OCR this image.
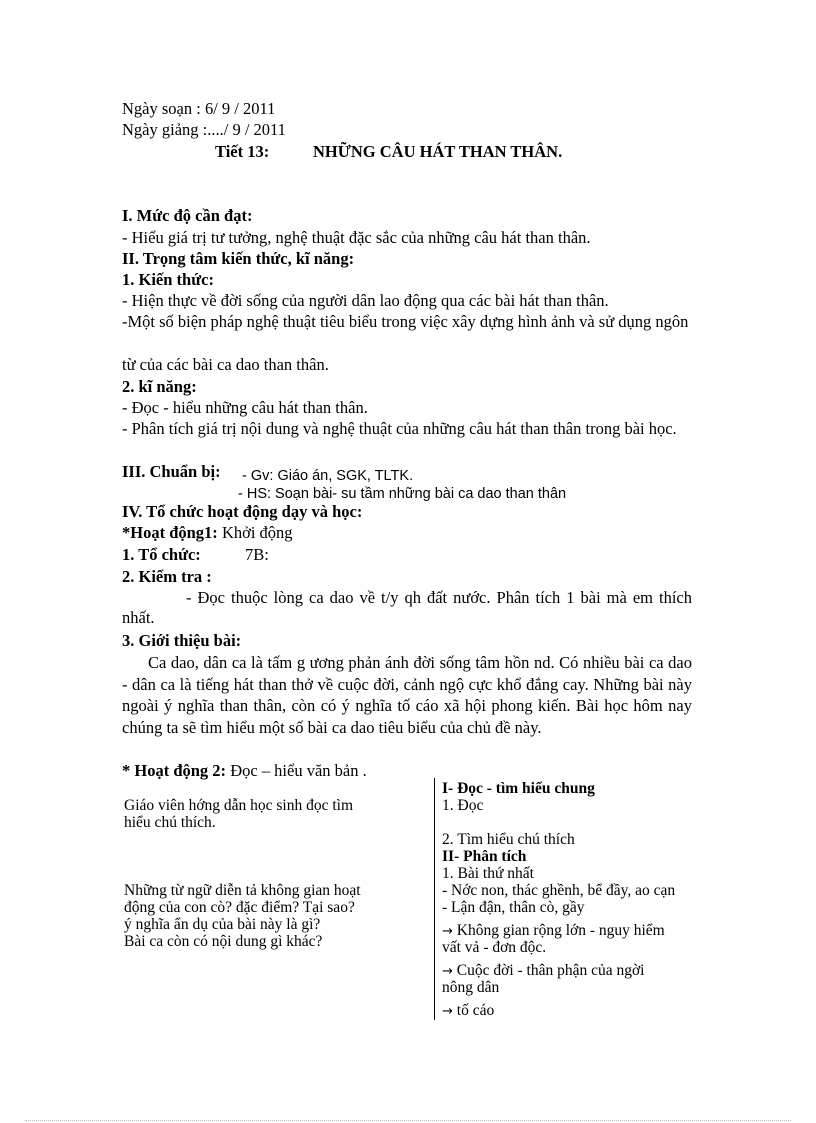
Ngày soạn : 6/ 9 / 2011
Ngày giảng :..../ 9 / 2011
Tiết 13:	NHỮNG CÂU HÁT THAN THÂN.
I. Mức độ cần đạt:
- Hiểu giá trị tư tưởng, nghệ thuật đặc sắc của những câu hát than thân.
II. Trọng tâm kiến thức, kĩ năng:
1. Kiến thức:
- Hiện thực về đời sống của người dân lao động qua các bài hát than thân.
-Một số biện pháp nghệ thuật tiêu biểu trong việc xây dựng hình ảnh và sử dụng ngôn
từ của các bài ca dao than thân.
2. kĩ năng:
- Đọc - hiểu những câu hát than thân.
- Phân tích giá trị nội dung và nghệ thuật của những câu hát than thân trong bài học.
III. Chuẩn bị: - Gv: Giáo án, SGK, TLTK.
- HS: Soạn bài- su tầm những bài ca dao than thân
IV. Tổ chức hoạt động dạy và học:
*Hoạt động1: Khởi động
1. Tổ chức:	7B:
2. Kiểm tra :
- Đọc thuộc lòng ca dao về t/y qh đất nước. Phân tích 1 bài mà em thích nhất.
3. Giới thiệu bài:
Ca dao, dân ca là tấm g ương phản ánh đời sống tâm hồn nd. Có nhiều bài ca dao - dân ca là tiếng hát than thở về cuộc đời, cảnh ngộ cực khổ đắng cay. Những bài này ngoài ý nghĩa than thân, còn có ý nghĩa tố cáo xã hội phong kiến. Bài học hôm nay chúng ta sẽ tìm hiểu một số bài ca dao tiêu biểu của chủ đề này.
* Hoạt động 2: Đọc – hiểu văn bản .
Giáo viên hớng dẫn học sinh đọc tìm
hiểu chú thích.
Những từ ngữ diễn tả không gian hoạt
động của con cò? đặc điểm? Tại sao?
ý nghĩa ẩn dụ của bài này là gì?
Bài ca còn có nội dung gì khác?
I- Đọc - tìm hiểu chung
1. Đọc
2. Tìm hiểu chú thích
II- Phân tích
1. Bài thứ nhất
- Nớc non, thác ghềnh, bể đầy, ao cạn
- Lận đận, thân cò, gầy
→ Không gian rộng lớn - nguy hiểm
vất vả - đơn độc.
→ Cuộc đời - thân phận của ngời
nông dân
→ tố cáo
